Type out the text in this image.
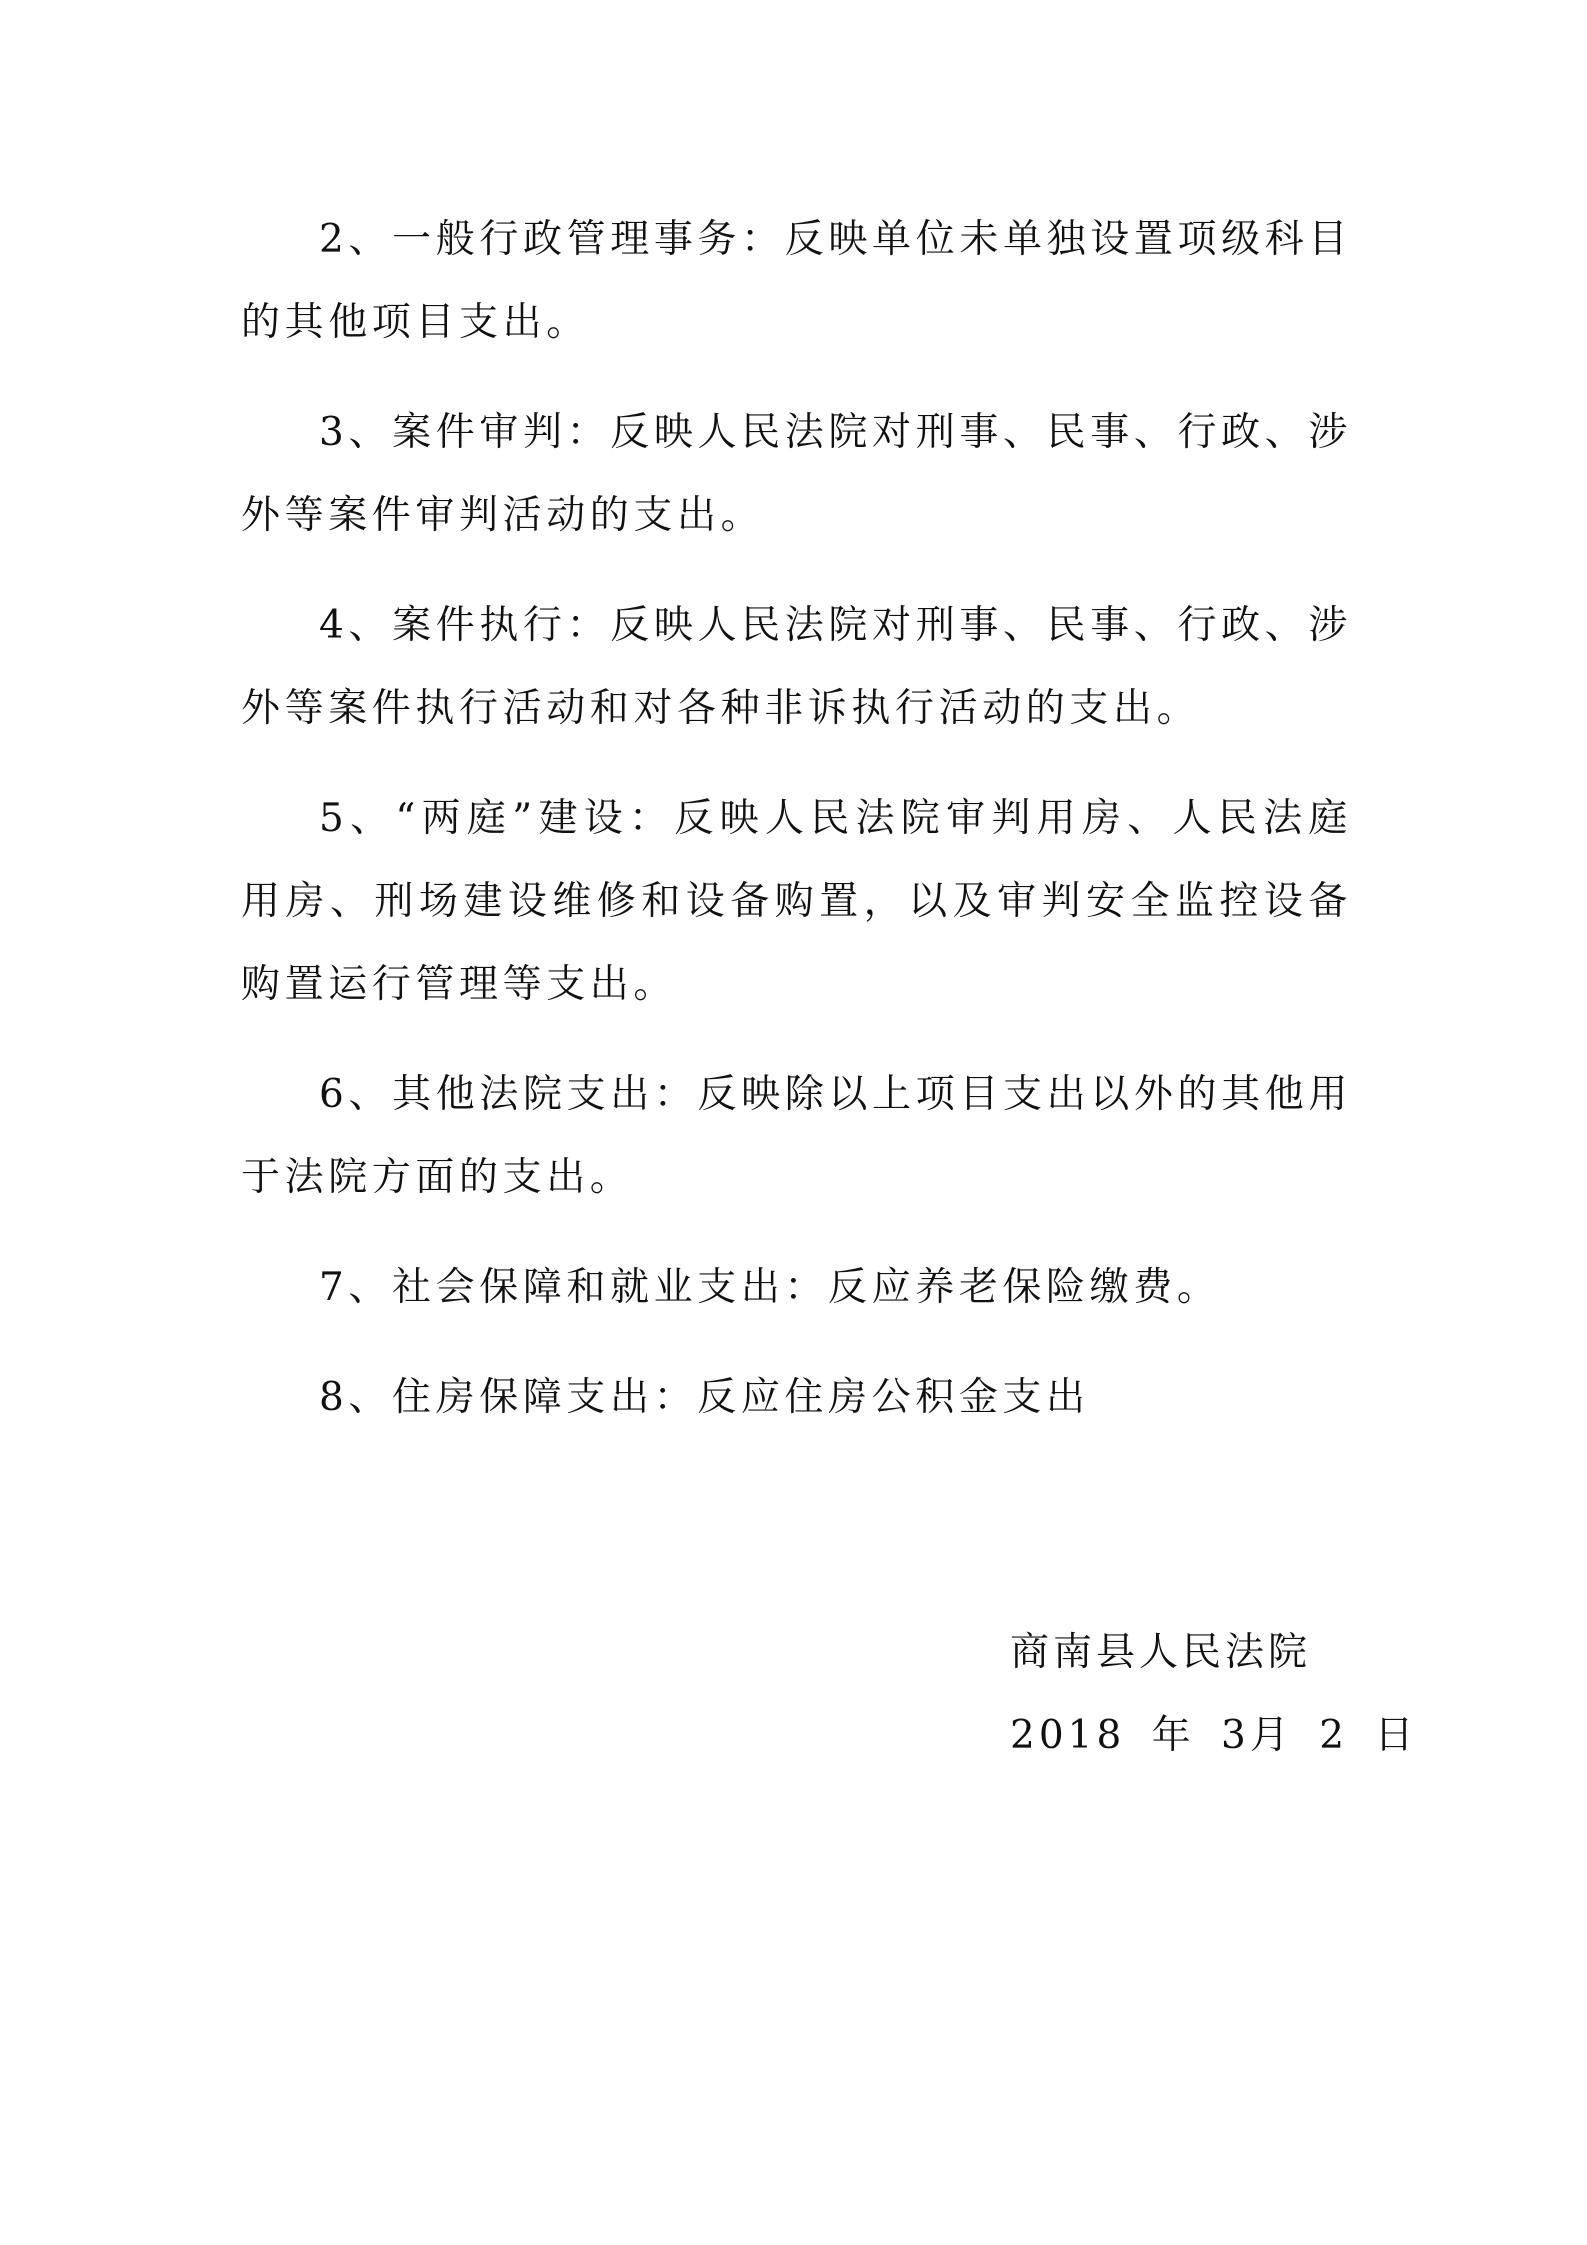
2、一般行政管理事务：反映单位未单独设置项级科目的其他项目支出。

3、案件审判：反映人民法院对刑事、民事、行政、涉外等案件审判活动的支出。

4、案件执行：反映人民法院对刑事、民事、行政、涉外等案件执行活动和对各种非诉执行活动的支出。

5、“两庭”建设：反映人民法院审判用房、人民法庭用房、刑场建设维修和设备购置，以及审判安全监控设备购置运行管理等支出。

6、其他法院支出：反映除以上项目支出以外的其他用于法院方面的支出。

7、社会保障和就业支出：反应养老保险缴费。

8、住房保障支出：反应住房公积金支出

商南县人民法院
2018 年 3月 2 日
